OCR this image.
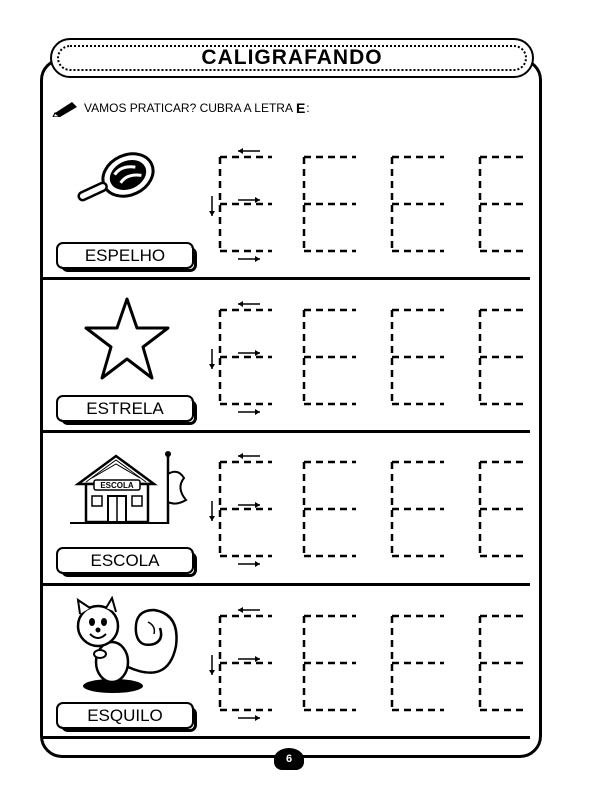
CALIGRAFANDO
VAMOS PRATICAR? CUBRA A LETRA E :
ESPELHO
ESTRELA
ESCOLA
ESCOLA
ESQUILO
6
